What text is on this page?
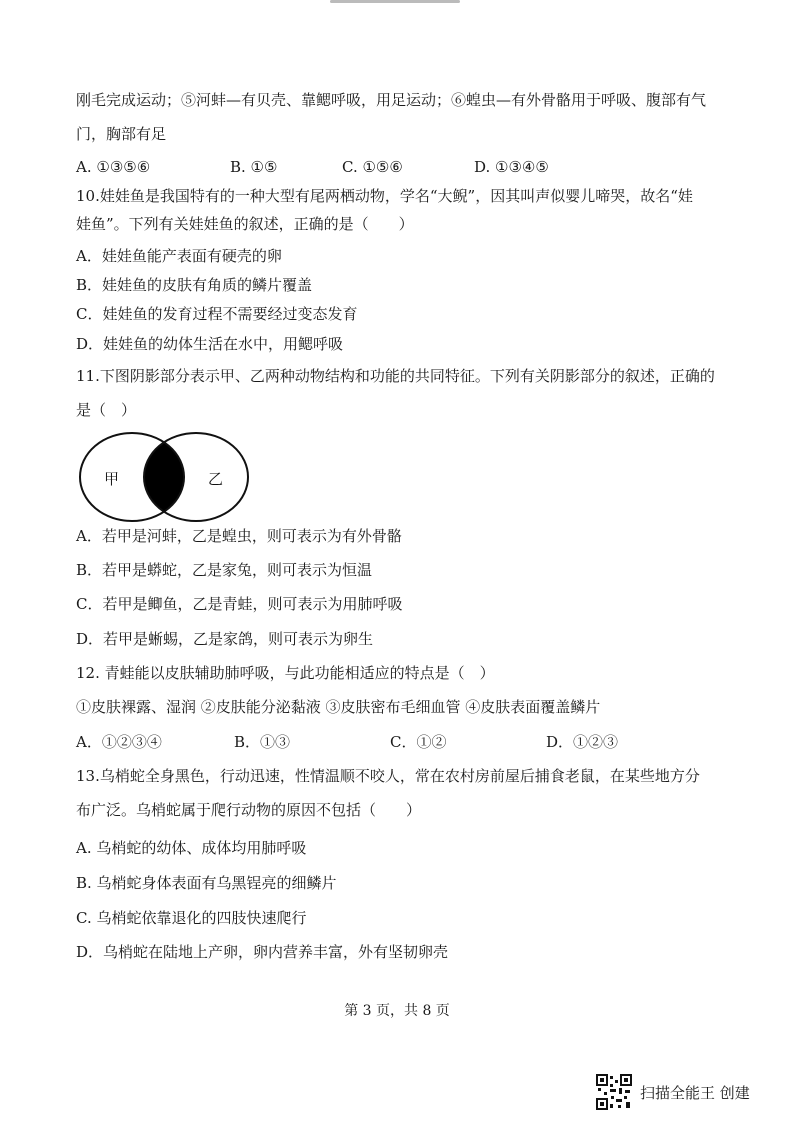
刚毛完成运动；⑤河蚌—有贝壳、靠鳃呼吸，用足运动；⑥蝗虫—有外骨骼用于呼吸、腹部有气
门，胸部有足
A. ①③⑤⑥	B. ①⑤	C. ①⑤⑥	D. ①③④⑤
10.娃娃鱼是我国特有的一种大型有尾两栖动物，学名“大鲵”，因其叫声似婴儿啼哭，故名“娃
娃鱼”。下列有关娃娃鱼的叙述，正确的是（　　）
A．娃娃鱼能产表面有硬壳的卵
B．娃娃鱼的皮肤有角质的鳞片覆盖
C．娃娃鱼的发育过程不需要经过变态发育
D．娃娃鱼的幼体生活在水中，用鳃呼吸
11.下图阴影部分表示甲、乙两种动物结构和功能的共同特征。下列有关阴影部分的叙述，正确的
是（　）
甲	乙
A．若甲是河蚌，乙是蝗虫，则可表示为有外骨骼
B．若甲是蟒蛇，乙是家兔，则可表示为恒温
C．若甲是鲫鱼，乙是青蛙，则可表示为用肺呼吸
D．若甲是蜥蜴，乙是家鸽，则可表示为卵生
12. 青蛙能以皮肤辅助肺呼吸，与此功能相适应的特点是（　）
①皮肤裸露、湿润 ②皮肤能分泌黏液 ③皮肤密布毛细血管 ④皮肤表面覆盖鳞片
A．①②③④	B．①③	C．①②	D．①②③
13.乌梢蛇全身黑色，行动迅速，性情温顺不咬人，常在农村房前屋后捕食老鼠，在某些地方分
布广泛。乌梢蛇属于爬行动物的原因不包括（　　）
A. 乌梢蛇的幼体、成体均用肺呼吸
B. 乌梢蛇身体表面有乌黑锃亮的细鳞片
C. 乌梢蛇依靠退化的四肢快速爬行
D．乌梢蛇在陆地上产卵，卵内营养丰富，外有坚韧卵壳
第 3 页，共 8 页
扫描全能王 创建
